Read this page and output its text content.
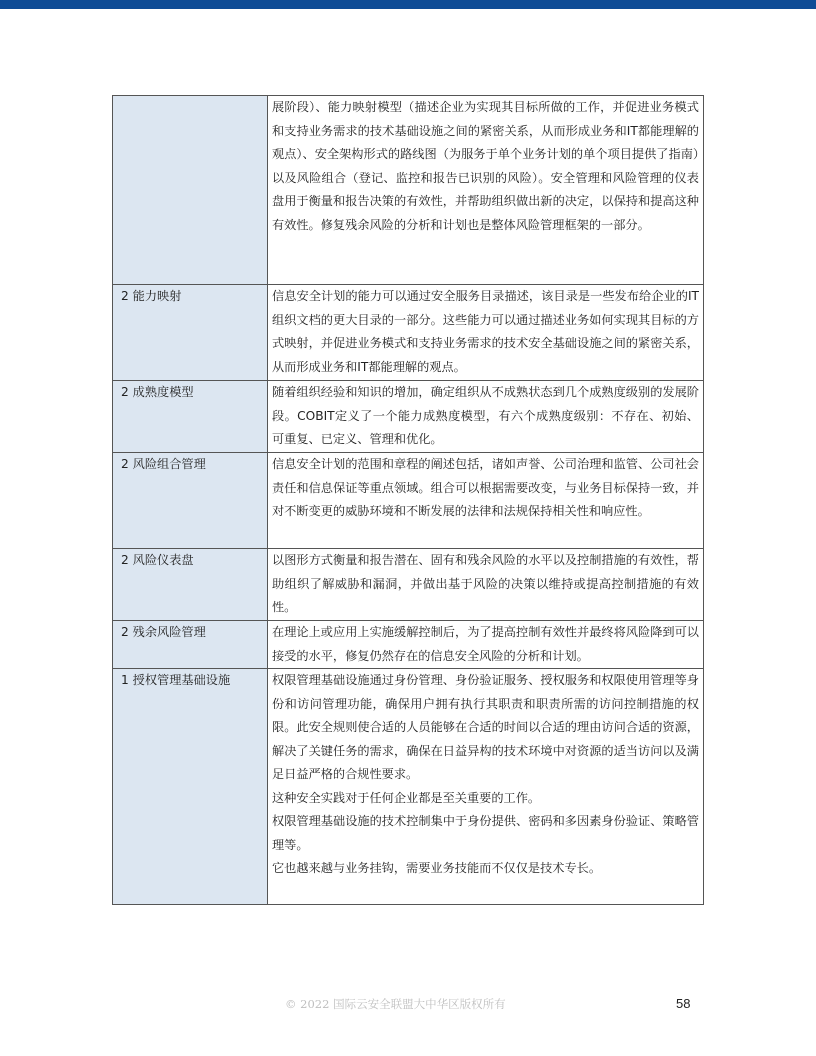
	展阶段）、能力映射模型（描述企业为实现其目标所做的工作，并促进业务模式和支持业务需求的技术基础设施之间的紧密关系，从而形成业务和IT都能理解的观点）、安全架构形式的路线图（为服务于单个业务计划的单个项目提供了指南）以及风险组合（登记、监控和报告已识别的风险）。安全管理和风险管理的仪表盘用于衡量和报告决策的有效性，并帮助组织做出新的决定，以保持和提高这种有效性。修复残余风险的分析和计划也是整体风险管理框架的一部分。

2 能力映射	信息安全计划的能力可以通过安全服务目录描述，该目录是一些发布给企业的IT组织文档的更大目录的一部分。这些能力可以通过描述业务如何实现其目标的方式映射，并促进业务模式和支持业务需求的技术安全基础设施之间的紧密关系，从而形成业务和IT都能理解的观点。

2 成熟度模型	随着组织经验和知识的增加，确定组织从不成熟状态到几个成熟度级别的发展阶段。COBIT定义了一个能力成熟度模型，有六个成熟度级别：不存在、初始、可重复、已定义、管理和优化。

2 风险组合管理	信息安全计划的范围和章程的阐述包括，诸如声誉、公司治理和监管、公司社会责任和信息保证等重点领域。组合可以根据需要改变，与业务目标保持一致，并对不断变更的威胁环境和不断发展的法律和法规保持相关性和响应性。

2 风险仪表盘	以图形方式衡量和报告潜在、固有和残余风险的水平以及控制措施的有效性，帮助组织了解威胁和漏洞，并做出基于风险的决策以维持或提高控制措施的有效性。

2 残余风险管理	在理论上或应用上实施缓解控制后，为了提高控制有效性并最终将风险降到可以接受的水平，修复仍然存在的信息安全风险的分析和计划。

1 授权管理基础设施	权限管理基础设施通过身份管理、身份验证服务、授权服务和权限使用管理等身份和访问管理功能，确保用户拥有执行其职责和职责所需的访问控制措施的权限。此安全规则使合适的人员能够在合适的时间以合适的理由访问合适的资源，解决了关键任务的需求，确保在日益异构的技术环境中对资源的适当访问以及满足日益严格的合规性要求。

这种安全实践对于任何企业都是至关重要的工作。

权限管理基础设施的技术控制集中于身份提供、密码和多因素身份验证、策略管理等。

它也越来越与业务挂钩，需要业务技能而不仅仅是技术专长。

© 2022 国际云安全联盟大中华区版权所有	58
